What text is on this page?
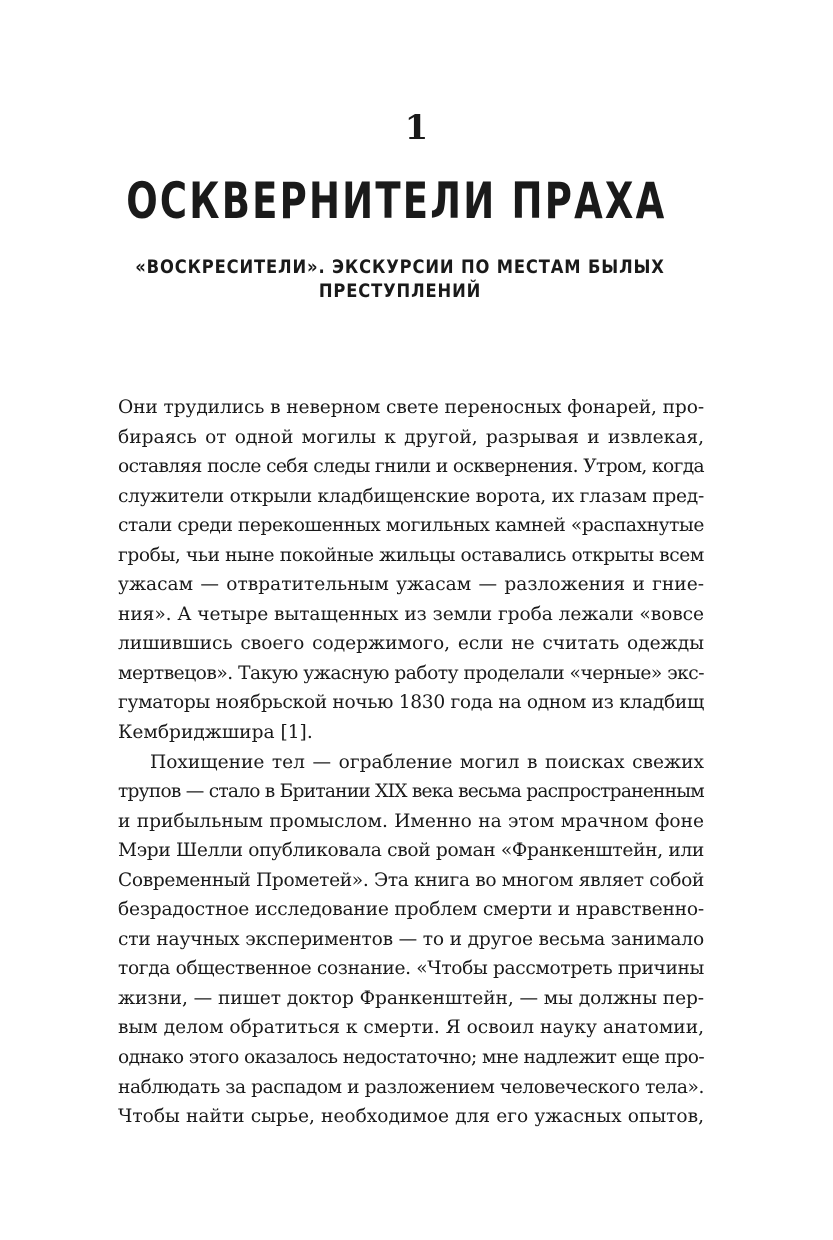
1
ОСКВЕРНИТЕЛИ ПРАХА
«ВОСКРЕСИТЕЛИ». ЭКСКУРСИИ ПО МЕСТАМ БЫЛЫХ ПРЕСТУПЛЕНИЙ
Они трудились в неверном свете переносных фонарей, про-
бираясь от одной могилы к другой, разрывая и извлекая,
оставляя после себя следы гнили и осквернения. Утром, когда
служители открыли кладбищенские ворота, их глазам пред-
стали среди перекошенных могильных камней «распахнутые
гробы, чьи ныне покойные жильцы оставались открыты всем
ужасам — отвратительным ужасам — разложения и гние-
ния». А четыре вытащенных из земли гроба лежали «вовсе
лишившись своего содержимого, если не считать одежды
мертвецов». Такую ужасную работу проделали «черные» экс-
гуматоры ноябрьской ночью 1830 года на одном из кладбищ
Кембриджшира [1].
Похищение тел — ограбление могил в поисках свежих
трупов — стало в Британии XIX века весьма распространенным
и прибыльным промыслом. Именно на этом мрачном фоне
Мэри Шелли опубликовала свой роман «Франкенштейн, или
Современный Прометей». Эта книга во многом являет собой
безрадостное исследование проблем смерти и нравственно-
сти научных экспериментов — то и другое весьма занимало
тогда общественное сознание. «Чтобы рассмотреть причины
жизни, — пишет доктор Франкенштейн, — мы должны пер-
вым делом обратиться к смерти. Я освоил науку анатомии,
однако этого оказалось недостаточно; мне надлежит еще про-
наблюдать за распадом и разложением человеческого тела».
Чтобы найти сырье, необходимое для его ужасных опытов,
